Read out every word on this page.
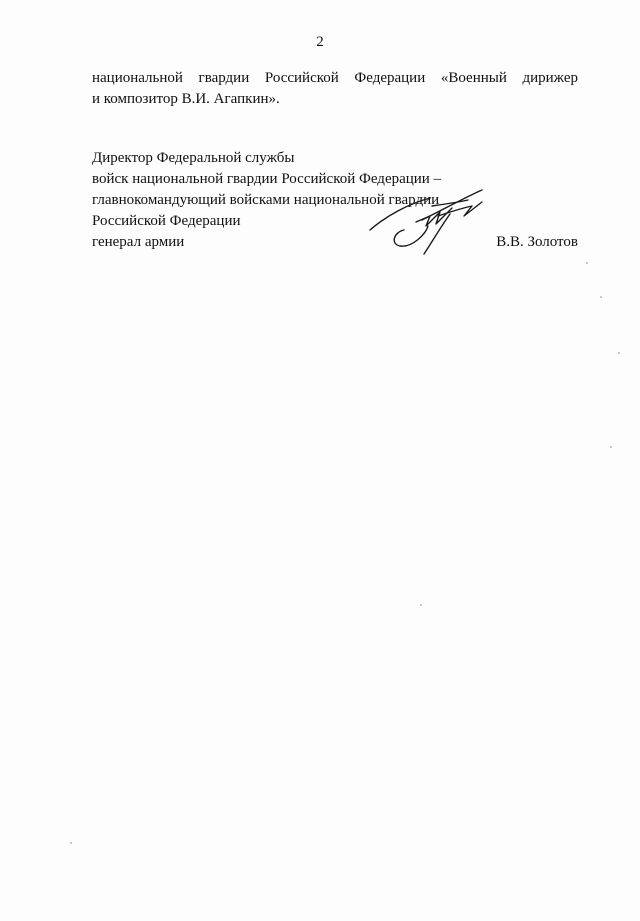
2
национальной гвардии Российской Федерации «Военный дирижер
и композитор В.И. Агапкин».
Директор Федеральной службы
войск национальной гвардии Российской Федерации –
главнокомандующий войсками национальной гвардии
Российской Федерации
генерал армии	В.В. Золотов
